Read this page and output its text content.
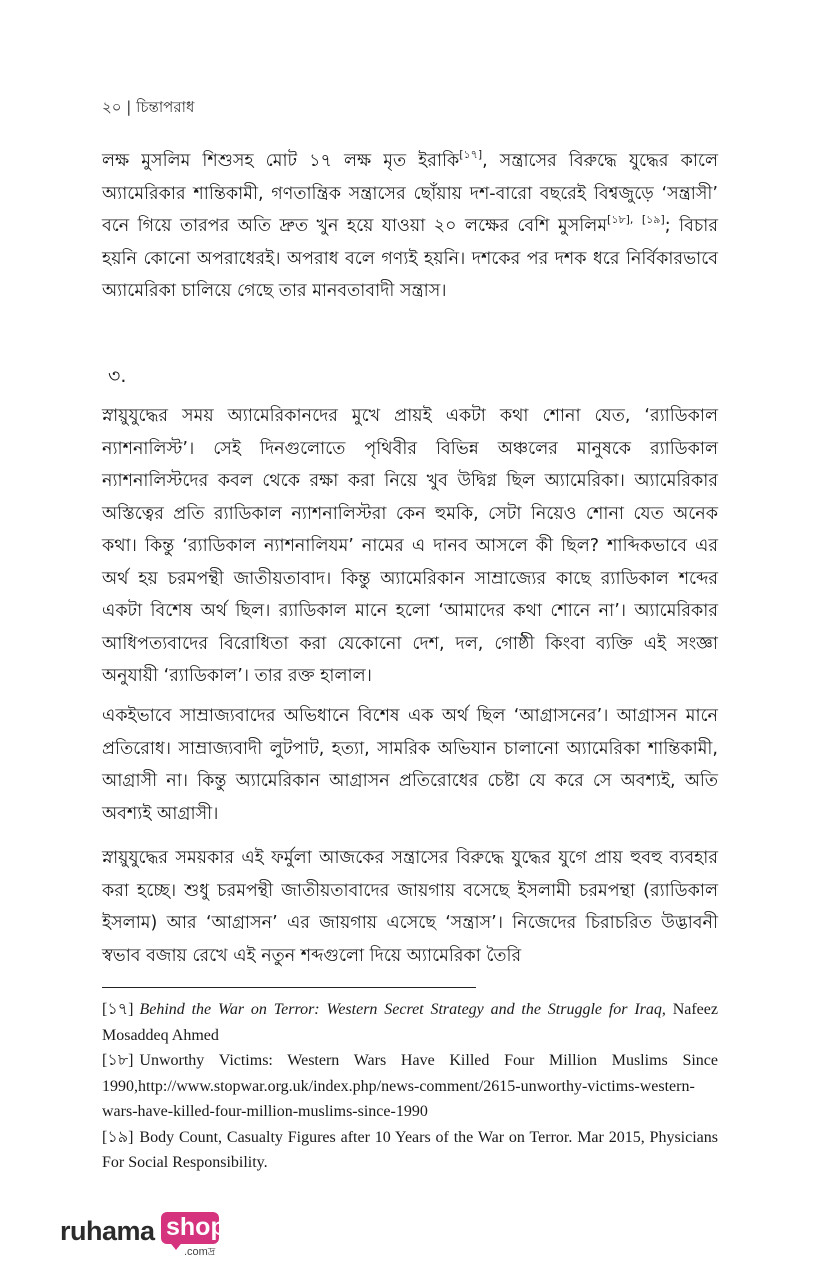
২০ | চিন্তাপরাধ

লক্ষ মুসলিম শিশুসহ মোট ১৭ লক্ষ মৃত ইরাকি[১৭], সন্ত্রাসের বিরুদ্ধে যুদ্ধের কালে অ্যামেরিকার শান্তিকামী, গণতান্ত্রিক সন্ত্রাসের ছোঁয়ায় দশ-বারো বছরেই বিশ্বজুড়ে ‘সন্ত্রাসী’ বনে গিয়ে তারপর অতি দ্রুত খুন হয়ে যাওয়া ২০ লক্ষের বেশি মুসলিম$^{[১৮],}$ [১৯]; বিচার হয়নি কোনো অপরাধেরই। অপরাধ বলে গণ্যই হয়নি। দশকের পর দশক ধরে নির্বিকারভাবে অ্যামেরিকা চালিয়ে গেছে তার মানবতাবাদী সন্ত্রাস।

৩.

স্নায়ুযুদ্ধের সময় অ্যামেরিকানদের মুখে প্রায়ই একটা কথা শোনা যেত, ‘র‍্যাডিকাল ন্যাশনালিস্ট’। সেই দিনগুলোতে পৃথিবীর বিভিন্ন অঞ্চলের মানুষকে র‍্যাডিকাল ন্যাশনালিস্টদের কবল থেকে রক্ষা করা নিয়ে খুব উদ্বিগ্ন ছিল অ্যামেরিকা। অ্যামেরিকার অস্তিত্বের প্রতি র‍্যাডিকাল ন্যাশনালিস্টরা কেন হুমকি, সেটা নিয়েও শোনা যেত অনেক কথা। কিন্তু ‘র‍্যাডিকাল ন্যাশনালিযম’ নামের এ দানব আসলে কী ছিল? শাব্দিকভাবে এর অর্থ হয় চরমপন্থী জাতীয়তাবাদ। কিন্তু অ্যামেরিকান সাম্রাজ্যের কাছে র‍্যাডিকাল শব্দের একটা বিশেষ অর্থ ছিল। র‍্যাডিকাল মানে হলো ‘আমাদের কথা শোনে না’। অ্যামেরিকার আধিপত্যবাদের বিরোধিতা করা যেকোনো দেশ, দল, গোষ্ঠী কিংবা ব্যক্তি এই সংজ্ঞা অনুযায়ী ‘র‍্যাডিকাল’। তার রক্ত হালাল।

একইভাবে সাম্রাজ্যবাদের অভিধানে বিশেষ এক অর্থ ছিল ‘আগ্রাসনের’। আগ্রাসন মানে প্রতিরোধ। সাম্রাজ্যবাদী লুটপাট, হত্যা, সামরিক অভিযান চালানো অ্যামেরিকা শান্তিকামী, আগ্রাসী না। কিন্তু অ্যামেরিকান আগ্রাসন প্রতিরোধের চেষ্টা যে করে সে অবশ্যই, অতি অবশ্যই আগ্রাসী।

স্নায়ুযুদ্ধের সময়কার এই ফর্মুলা আজকের সন্ত্রাসের বিরুদ্ধে যুদ্ধের যুগে প্রায় হুবহু ব্যবহার করা হচ্ছে। শুধু চরমপন্থী জাতীয়তাবাদের জায়গায় বসেছে ইসলামী চরমপন্থা (র‍্যাডিকাল ইসলাম) আর ‘আগ্রাসন’ এর জায়গায় এসেছে ‘সন্ত্রাস’। নিজেদের চিরাচরিত উদ্ভাবনী স্বভাব বজায় রেখে এই নতুন শব্দগুলো দিয়ে অ্যামেরিকা তৈরি

[১৭] Behind the War on Terror: Western Secret Strategy and the Struggle for Iraq, Nafeez Mosaddeq Ahmed

[১৮] Unworthy Victims: Western Wars Have Killed Four Million Muslims Since 1990,http://www.stopwar.org.uk/index.php/news-comment/2615-unworthy-victims-western-wars-have-killed-four-million-muslims-since-1990

[১৯] Body Count, Casualty Figures after 10 Years of the War on Terror. Mar 2015, Physicians For Social Responsibility.

ruhama shop
.comদ্র
